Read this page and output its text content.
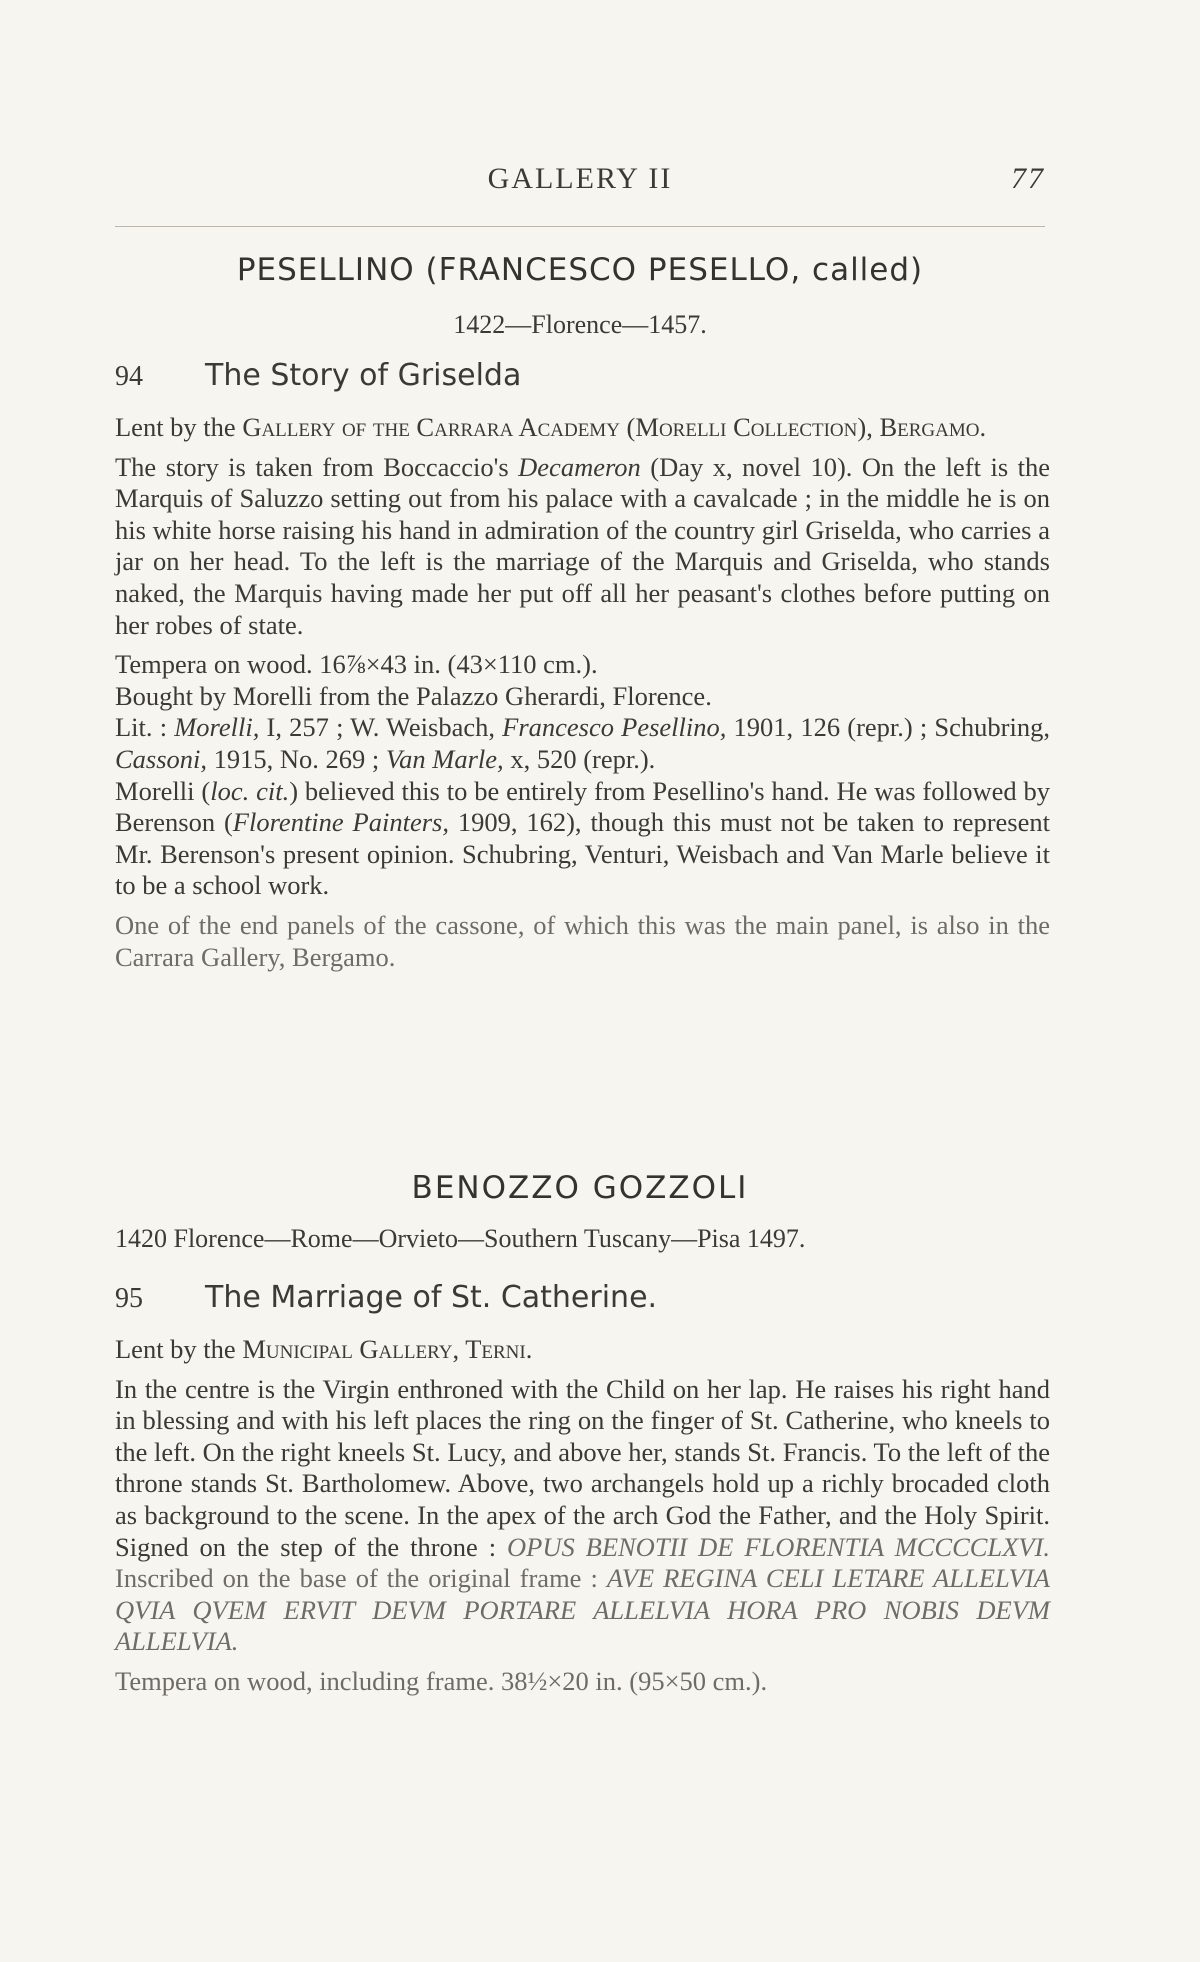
GALLERY II	77
PESELLINO (FRANCESCO PESELLO, called)
1422—Florence—1457.
94 The Story of Griselda

Lent by the Gallery of the Carrara Academy (Morelli Collection), Bergamo.

The story is taken from Boccaccio's Decameron (Day x, novel 10). On the left is the Marquis of Saluzzo setting out from his palace with a cavalcade ; in the middle he is on his white horse raising his hand in admiration of the country girl Griselda, who carries a jar on her head. To the left is the marriage of the Marquis and Griselda, who stands naked, the Marquis having made her put off all her peasant's clothes before putting on her robes of state.

Tempera on wood. 16⅞×43 in. (43×110 cm.).

Bought by Morelli from the Palazzo Gherardi, Florence.

Lit. : Morelli, I, 257 ; W. Weisbach, Francesco Pesellino, 1901, 126 (repr.) ; Schubring, Cassoni, 1915, No. 269 ; Van Marle, x, 520 (repr.).

Morelli (loc. cit.) believed this to be entirely from Pesellino's hand. He was followed by Berenson (Florentine Painters, 1909, 162), though this must not be taken to represent Mr. Berenson's present opinion. Schubring, Venturi, Weisbach and Van Marle believe it to be a school work.

One of the end panels of the cassone, of which this was the main panel, is also in the Carrara Gallery, Bergamo.

BENOZZO GOZZOLI
1420 Florence—Rome—Orvieto—Southern Tuscany—Pisa 1497.
95 The Marriage of St. Catherine.

Lent by the Municipal Gallery, Terni.

In the centre is the Virgin enthroned with the Child on her lap. He raises his right hand in blessing and with his left places the ring on the finger of St. Catherine, who kneels to the left. On the right kneels St. Lucy, and above her, stands St. Francis. To the left of the throne stands St. Bartholomew. Above, two archangels hold up a richly brocaded cloth as background to the scene. In the apex of the arch God the Father, and the Holy Spirit. Signed on the step of the throne : OPUS BENOTII DE FLORENTIA MCCCCLXVI. Inscribed on the base of the original frame : AVE REGINA CELI LETARE ALLELVIA QVIA QVEM ERVIT DEVM PORTARE ALLELVIA HORA PRO NOBIS DEVM ALLELVIA.

Tempera on wood, including frame. 38½×20 in. (95×50 cm.).
